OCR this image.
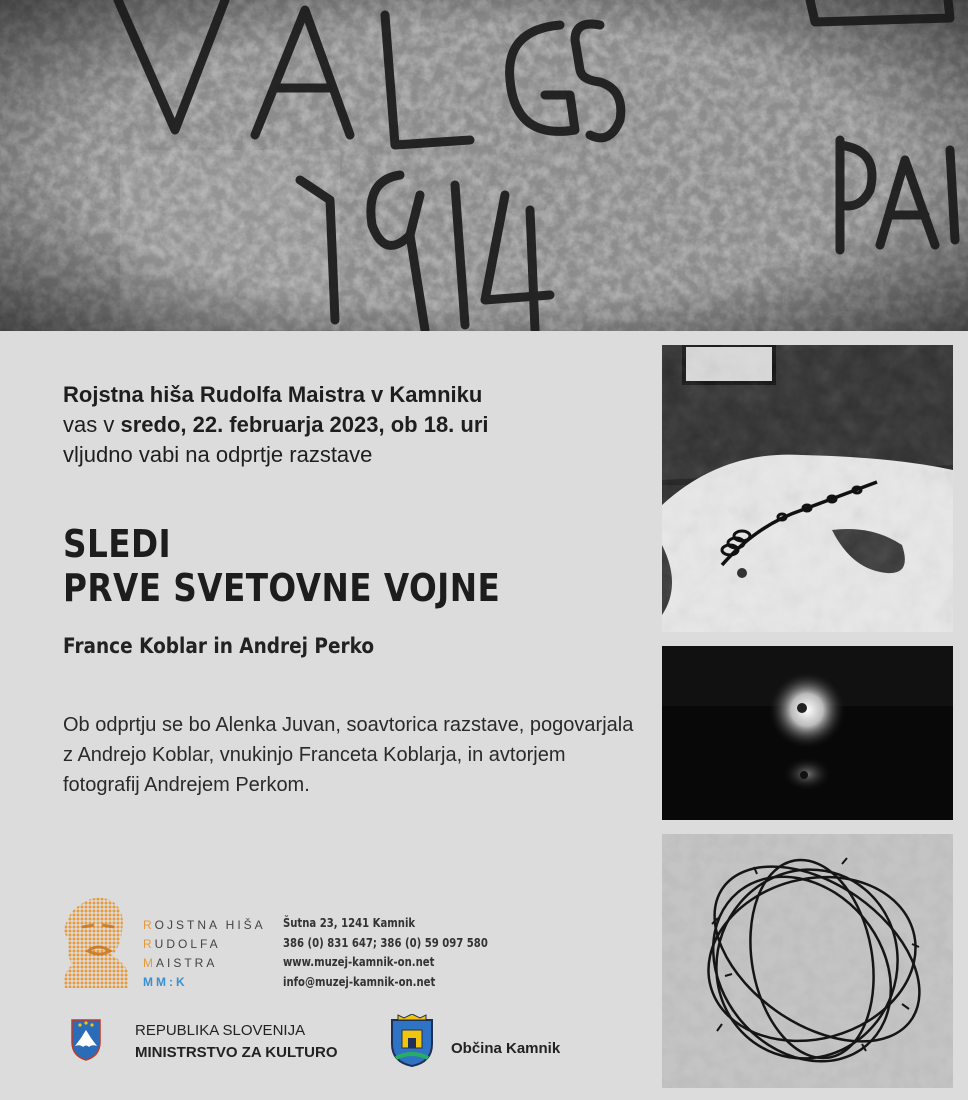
Rojstna hiša Rudolfa Maistra v Kamniku
vas v sredo, 22. februarja 2023, ob 18. uri
vljudno vabi na odprtje razstave
SLEDI
PRVE SVETOVNE VOJNE
France Koblar in Andrej Perko
Ob odprtju se bo Alenka Juvan, soavtorica razstave, pogovarjala z Andrejo Koblar, vnukinjo Franceta Koblarja, in avtorjem fotografij Andrejem Perkom.
ROJSTNA HIŠA
RUDOLFA
MAISTRA
MM:K
Šutna 23, 1241 Kamnik
386 (0) 831 647; 386 (0) 59 097 580
www.muzej-kamnik-on.net
info@muzej-kamnik-on.net
REPUBLIKA SLOVENIJA
MINISTRSTVO ZA KULTURO	Občina Kamnik
